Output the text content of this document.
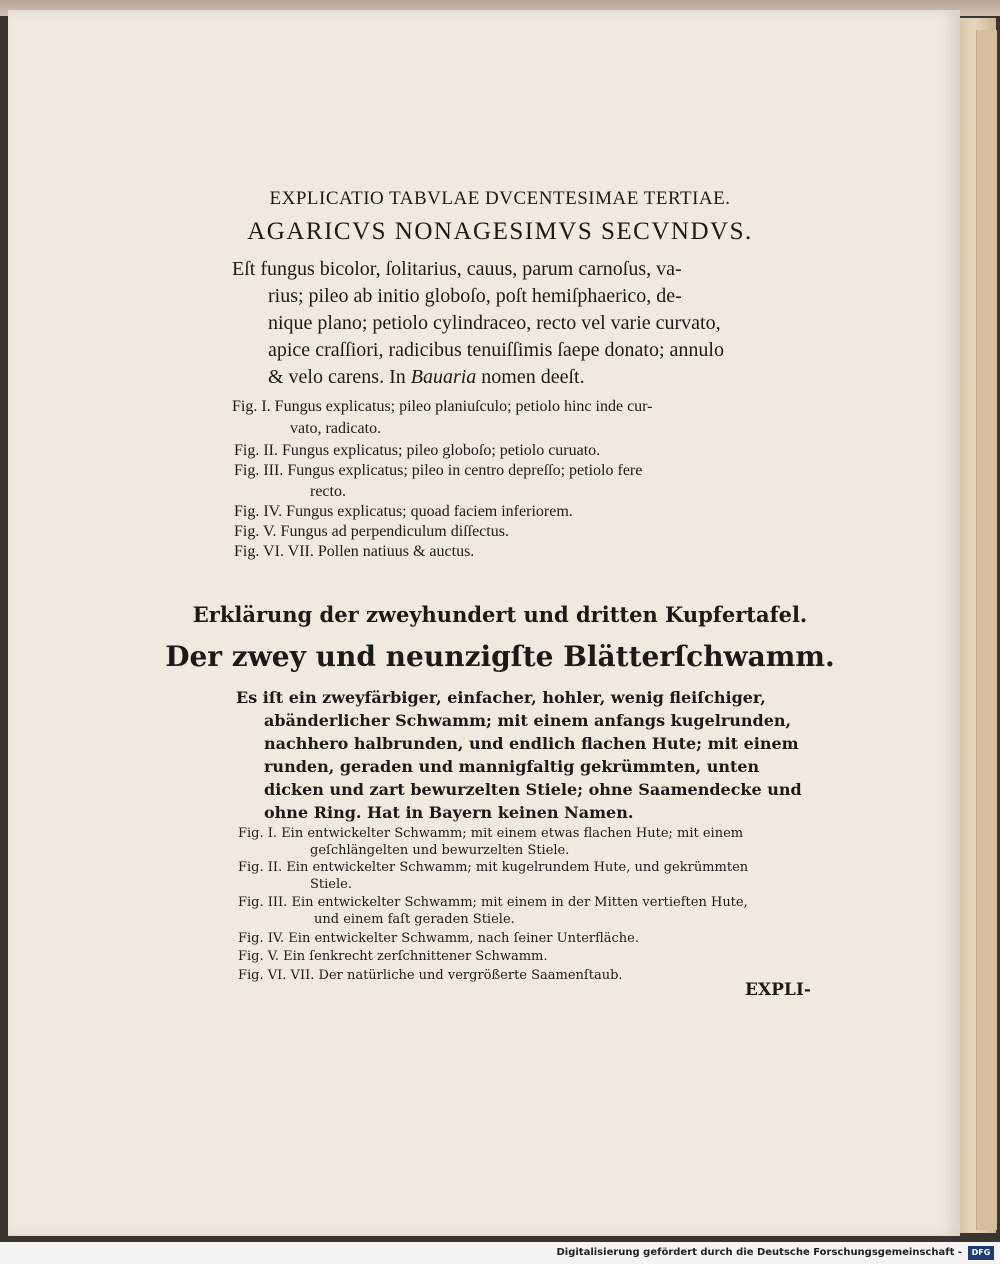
EXPLICATIO TABVLAE DVCENTESIMAE TERTIAE.
AGARICVS NONAGESIMVS SECVNDVS.

Eſt fungus bicolor, ſolitarius, cauus, parum carnoſus, va-

rius; pileo ab initio globoſo, poſt hemiſphaerico, de-

nique plano; petiolo cylindraceo, recto vel varie curvato,

apice craſſiori, radicibus tenuiſſimis ſaepe donato; annulo

& velo carens. In Bauaria nomen deeſt.

Fig. I. Fungus explicatus; pileo planiuſculo; petiolo hinc inde cur-
vato, radicato.
Fig. II. Fungus explicatus; pileo globoſo; petiolo curuato.
Fig. III. Fungus explicatus; pileo in centro depreſſo; petiolo fere
recto.
Fig. IV. Fungus explicatus; quoad faciem inferiorem.
Fig. V. Fungus ad perpendiculum diſſectus.
Fig. VI. VII. Pollen natiuus & auctus.
Erklärung der zweyhundert und dritten Kupfertafel.
Der zwey und neunzigſte Blätterſchwamm.

Es iſt ein zweyfärbiger, einfacher, hohler, wenig fleiſchiger,

abänderlicher Schwamm; mit einem anfangs kugelrunden,

nachhero halbrunden, und endlich flachen Hute; mit einem

runden, geraden und mannigfaltig gekrümmten, unten

dicken und zart bewurzelten Stiele; ohne Saamendecke und

ohne Ring. Hat in Bayern keinen Namen.

Fig. I. Ein entwickelter Schwamm; mit einem etwas flachen Hute; mit einem
geſchlängelten und bewurzelten Stiele.
Fig. II. Ein entwickelter Schwamm; mit kugelrundem Hute, und gekrümmten
Stiele.
Fig. III. Ein entwickelter Schwamm; mit einem in der Mitten vertieften Hute,
und einem faſt geraden Stiele.
Fig. IV. Ein entwickelter Schwamm, nach ſeiner Unterfläche.
Fig. V. Ein ſenkrecht zerſchnittener Schwamm.
Fig. VI. VII. Der natürliche und vergrößerte Saamenſtaub.
EXPLI-
Digitalisierung gefördert durch die Deutsche Forschungsgemeinschaft -	DFG
